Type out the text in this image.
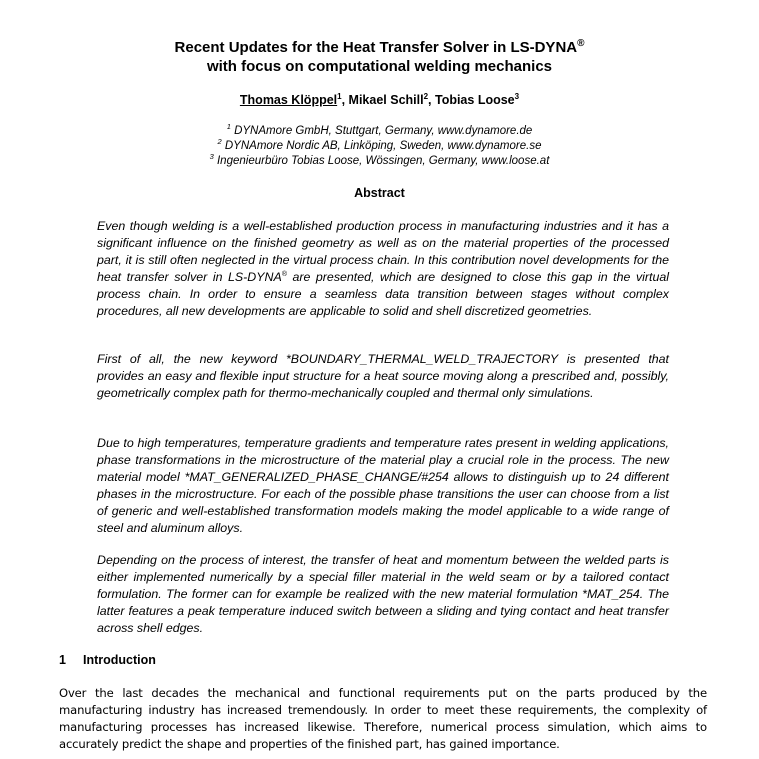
Recent Updates for the Heat Transfer Solver in LS-DYNA®
with focus on computational welding mechanics
Thomas Klöppel$^1$, Mikael Schill$^2$, Tobias Loose$^3$
$^1$ DYNAmore GmbH, Stuttgart, Germany, www.dynamore.de
$^2$ DYNAmore Nordic AB, Linköping, Sweden, www.dynamore.se
$^3$ Ingenieurbüro Tobias Loose, Wössingen, Germany, www.loose.at
Abstract

Even though welding is a well-established production process in manufacturing industries and it has a significant influence on the finished geometry as well as on the material properties of the processed part, it is still often neglected in the virtual process chain. In this contribution novel developments for the heat transfer solver in LS-DYNA® are presented, which are designed to close this gap in the virtual process chain. In order to ensure a seamless data transition between stages without complex procedures, all new developments are applicable to solid and shell discretized geometries.

First of all, the new keyword *BOUNDARY_THERMAL_WELD_TRAJECTORY is presented that provides an easy and flexible input structure for a heat source moving along a prescribed and, possibly, geometrically complex path for thermo-mechanically coupled and thermal only simulations.

Due to high temperatures, temperature gradients and temperature rates present in welding applications, phase transformations in the microstructure of the material play a crucial role in the process. The new material model *MAT_GENERALIZED_PHASE_CHANGE/#254 allows to distinguish up to 24 different phases in the microstructure. For each of the possible phase transitions the user can choose from a list of generic and well-established transformation models making the model applicable to a wide range of steel and aluminum alloys.

Depending on the process of interest, the transfer of heat and momentum between the welded parts is either implemented numerically by a special filler material in the weld seam or by a tailored contact formulation. The former can for example be realized with the new material formulation *MAT_254. The latter features a peak temperature induced switch between a sliding and tying contact and heat transfer across shell edges.

1 Introduction

Over the last decades the mechanical and functional requirements put on the parts produced by the manufacturing industry has increased tremendously. In order to meet these requirements, the complexity of manufacturing processes has increased likewise. Therefore, numerical process simulation, which aims to accurately predict the shape and properties of the finished part, has gained importance.
